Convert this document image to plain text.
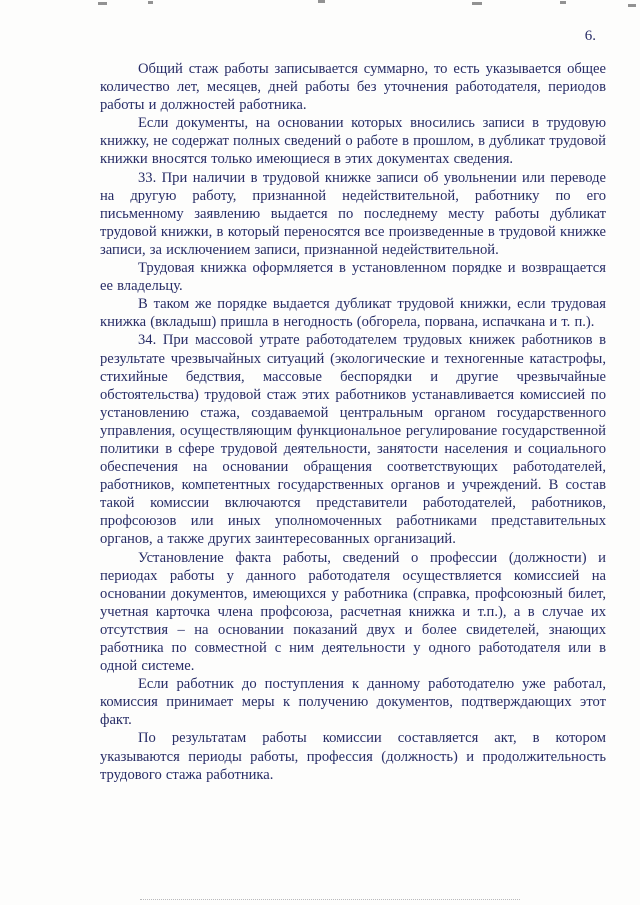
6.

Общий стаж работы записывается суммарно, то есть указывается общее количество лет, месяцев, дней работы без уточнения работодателя, периодов работы и должностей работника.

Если документы, на основании которых вносились записи в трудовую книжку, не содержат полных сведений о работе в прошлом, в дубликат трудовой книжки вносятся только имеющиеся в этих документах сведения.

33. При наличии в трудовой книжке записи об увольнении или переводе на другую работу, признанной недействительной, работнику по его письменному заявлению выдается по последнему месту работы дубликат трудовой книжки, в который переносятся все произведенные в трудовой книжке записи, за исключением записи, признанной недействительной.

Трудовая книжка оформляется в установленном порядке и возвращается ее владельцу.

В таком же порядке выдается дубликат трудовой книжки, если трудовая книжка (вкладыш) пришла в негодность (обгорела, порвана, испачкана и т. п.).

34. При массовой утрате работодателем трудовых книжек работников в результате чрезвычайных ситуаций (экологические и техногенные катастрофы, стихийные бедствия, массовые беспорядки и другие чрезвычайные обстоятельства) трудовой стаж этих работников устанавливается комиссией по установлению стажа, создаваемой центральным органом государственного управления, осуществляющим функциональное регулирование государственной политики в сфере трудовой деятельности, занятости населения и социального обеспечения на основании обращения соответствующих работодателей, работников, компетентных государственных органов и учреждений. В состав такой комиссии включаются представители работодателей, работников, профсоюзов или иных уполномоченных работниками представительных органов, а также других заинтересованных организаций.

Установление факта работы, сведений о профессии (должности) и периодах работы у данного работодателя осуществляется комиссией на основании документов, имеющихся у работника (справка, профсоюзный билет, учетная карточка члена профсоюза, расчетная книжка и т.п.), а в случае их отсутствия – на основании показаний двух и более свидетелей, знающих работника по совместной с ним деятельности у одного работодателя или в одной системе.

Если работник до поступления к данному работодателю уже работал, комиссия принимает меры к получению документов, подтверждающих этот факт.

По результатам работы комиссии составляется акт, в котором указываются периоды работы, профессия (должность) и продолжительность трудового стажа работника.
